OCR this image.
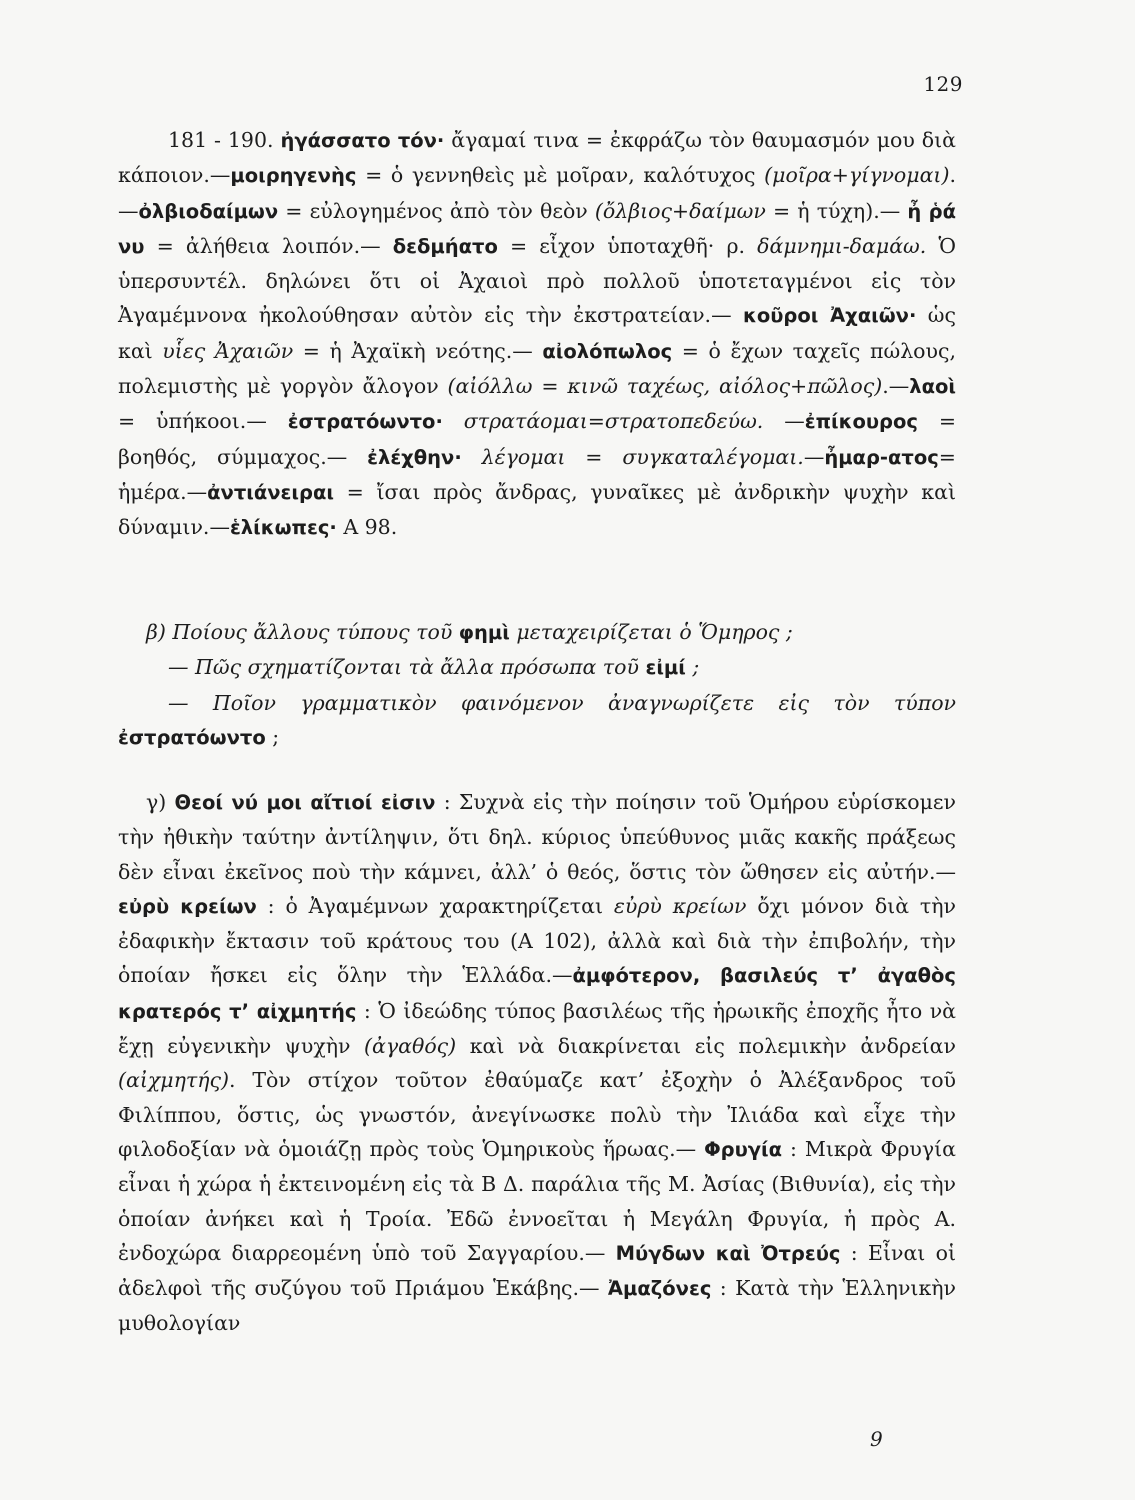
129

181 - 190. ἠγάσσατο τόν· ἄγαμαί τινα = ἐκφράζω τὸν θαυμασμόν μου διὰ κάποιον.—μοιρηγενὴς = ὁ γεννηθεὶς μὲ μοῖραν, καλότυχος (μοῖρα+γίγνομαι).—ὀλβιοδαίμων = εὐλογημένος ἀπὸ τὸν θεὸν (ὄλβιος+δαίμων = ἡ τύχη).— ἦ ῥά νυ = ἀλήθεια λοιπόν.— δεδμήατο = εἶχον ὑποταχθῆ· ρ. δάμνημι-δαμάω. Ὁ ὑπερσυντέλ. δηλώνει ὅτι οἱ Ἀχαιοὶ πρὸ πολλοῦ ὑποτεταγμένοι εἰς τὸν Ἀγαμέμνονα ἠκολούθησαν αὐτὸν εἰς τὴν ἐκστρατείαν.— κοῦροι Ἀχαιῶν· ὡς καὶ υἷες Ἀχαιῶν = ἡ Ἀχαϊκὴ νεότης.— αἰολόπωλος = ὁ ἔχων ταχεῖς πώλους, πολεμιστὴς μὲ γοργὸν ἄλογον (αἰόλλω = κινῶ ταχέως, αἰόλος+πῶλος).—λαοὶ = ὑπήκοοι.— ἐστρατόωντο· στρατάομαι=στρατοπεδεύω. —ἐπίκουρος = βοηθός, σύμμαχος.— ἐλέχθην· λέγομαι = συγκαταλέγομαι.—ἦμαρ-ατος= ἡμέρα.—ἀντιάνειραι = ἴσαι πρὸς ἄνδρας, γυναῖκες μὲ ἀνδρικὴν ψυχὴν καὶ δύναμιν.—ἑλίκωπες· Α 98.

β) Ποίους ἄλλους τύπους τοῦ φημὶ μεταχειρίζεται ὁ Ὅμηρος ;
— Πῶς σχηματίζονται τὰ ἄλλα πρόσωπα τοῦ εἰμί ;
— Ποῖον γραμματικὸν φαινόμενον ἀναγνωρίζετε εἰς τὸν τύπον ἐστρατόωντο ;

γ) Θεοί νύ μοι αἴτιοί εἰσιν : Συχνὰ εἰς τὴν ποίησιν τοῦ Ὁμήρου εὑρίσκομεν τὴν ἠθικὴν ταύτην ἀντίληψιν, ὅτι δηλ. κύριος ὑπεύθυνος μιᾶς κακῆς πράξεως δὲν εἶναι ἐκεῖνος ποὺ τὴν κάμνει, ἀλλ’ ὁ θεός, ὅστις τὸν ὤθησεν εἰς αὐτήν.— εὐρὺ κρείων : ὁ Ἀγαμέμνων χαρακτηρίζεται εὐρὺ κρείων ὄχι μόνον διὰ τὴν ἐδαφικὴν ἔκτασιν τοῦ κράτους του (Α 102), ἀλλὰ καὶ διὰ τὴν ἐπιβολήν, τὴν ὁποίαν ἤσκει εἰς ὅλην τὴν Ἑλλάδα.—ἀμφότερον, βασιλεύς τ’ ἀγαθὸς κρατερός τ’ αἰχμητής : Ὁ ἰδεώδης τύπος βασιλέως τῆς ἡρωικῆς ἐποχῆς ἦτο νὰ ἔχῃ εὐγενικὴν ψυχὴν (ἀγαθός) καὶ νὰ διακρίνεται εἰς πολεμικὴν ἀνδρείαν (αἰχμητής). Τὸν στίχον τοῦτον ἐθαύμαζε κατ’ ἐξοχὴν ὁ Ἀλέξανδρος τοῦ Φιλίππου, ὅστις, ὡς γνωστόν, ἀνεγίνωσκε πολὺ τὴν Ἰλιάδα καὶ εἶχε τὴν φιλοδοξίαν νὰ ὁμοιάζῃ πρὸς τοὺς Ὁμηρικοὺς ἥρωας.— Φρυγία : Μικρὰ Φρυγία εἶναι ἡ χώρα ἡ ἐκτεινομένη εἰς τὰ Β Δ. παράλια τῆς Μ. Ἀσίας (Βιθυνία), εἰς τὴν ὁποίαν ἀνήκει καὶ ἡ Τροία. Ἐδῶ ἐννοεῖται ἡ Μεγάλη Φρυγία, ἡ πρὸς Α. ἐνδοχώρα διαρρεομένη ὑπὸ τοῦ Σαγγαρίου.— Μύγδων καὶ Ὀτρεύς : Εἶναι οἱ ἀδελφοὶ τῆς συζύγου τοῦ Πριάμου Ἑκάβης.— Ἀμαζόνες : Κατὰ τὴν Ἑλληνικὴν μυθολογίαν

9
